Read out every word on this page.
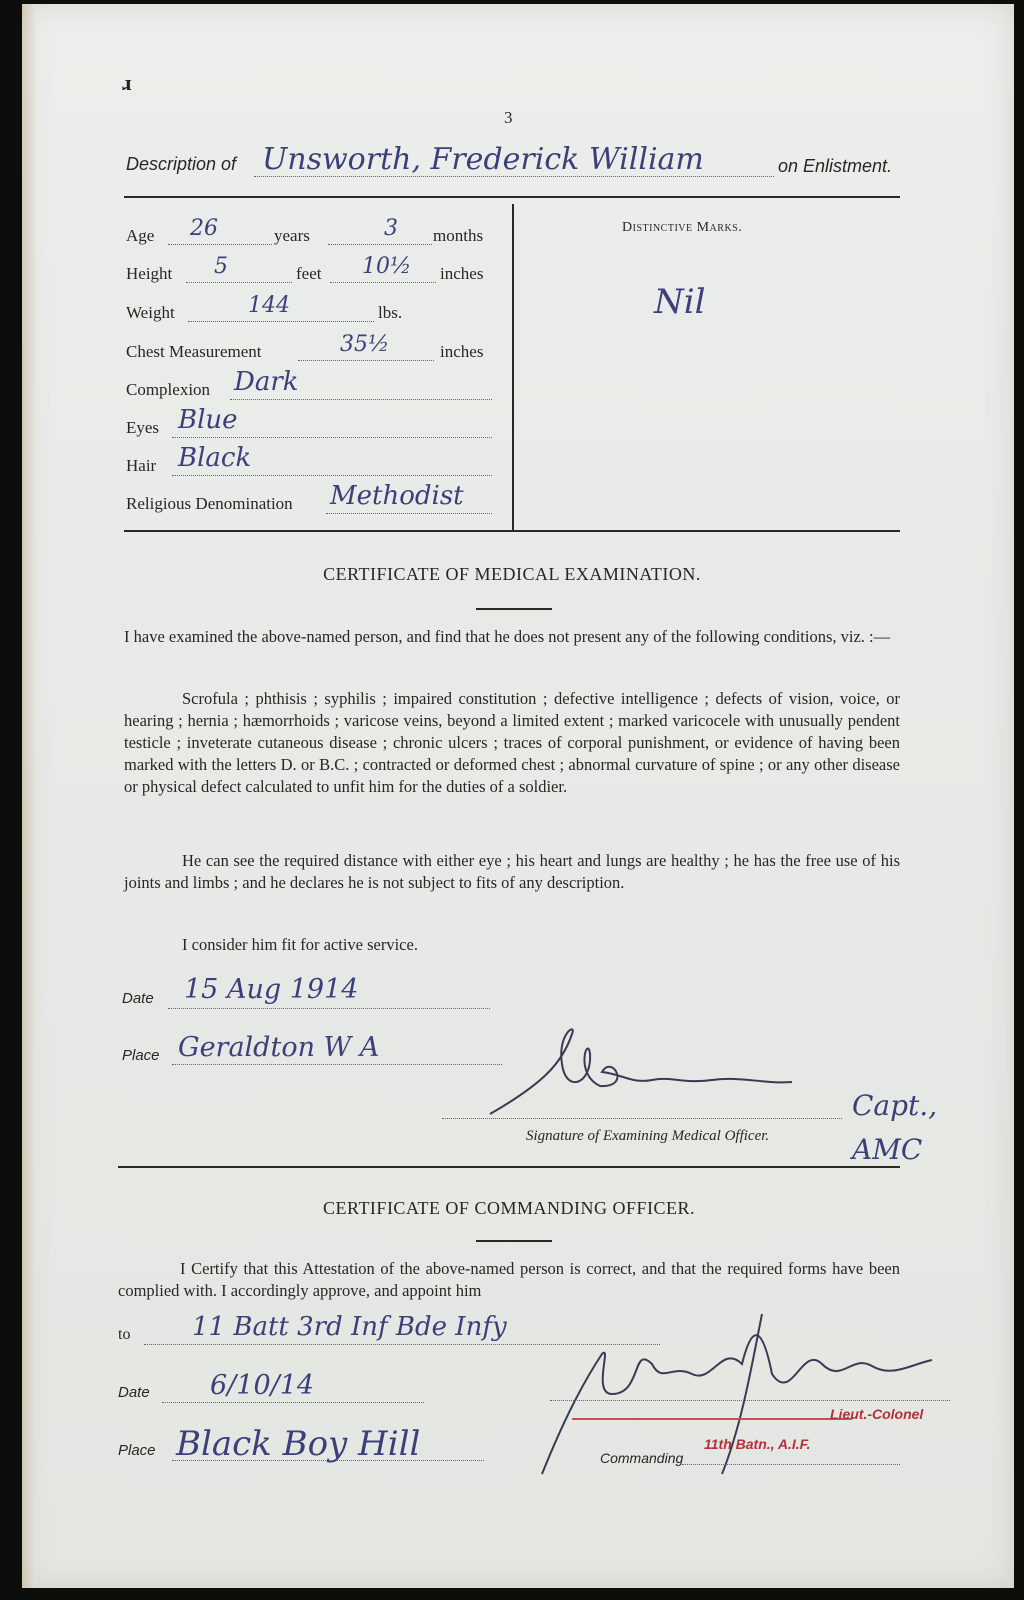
ɹ
3
Description of Unsworth, Frederick William	on Enlistment.
Age 26	years	3 months
Height 5	feet 10½ inches
Weight	144	lbs.
Chest Measurement	35½	inches
Complexion Dark
Eyes Blue
Hair Black
Religious Denomination Methodist
Distinctive Marks.
Nil
CERTIFICATE OF MEDICAL EXAMINATION.
I have examined the above-named person, and find that he does not present any of the following conditions, viz. :—
Scrofula ; phthisis ; syphilis ; impaired constitution ; defective intelligence ; defects of vision, voice, or hearing ; hernia ; hæmorrhoids ; varicose veins, beyond a limited extent ; marked varicocele with unusually pendent testicle ; inveterate cutaneous disease ; chronic ulcers ; traces of corporal punishment, or evidence of having been marked with the letters D. or B.C. ; contracted or deformed chest ; abnormal curvature of spine ; or any other disease or physical defect calculated to unfit him for the duties of a soldier.
He can see the required distance with either eye ; his heart and lungs are healthy ; he has the free use of his joints and limbs ; and he declares he is not subject to fits of any description.
I consider him fit for active service.
Date 15 Aug 1914
Place Geraldton W A
Signature of Examining Medical Officer.
Capt., AMC
CERTIFICATE OF COMMANDING OFFICER.
I Certify that this Attestation of the above-named person is correct, and that the required forms have been complied with. I accordingly approve, and appoint him
to 11 Batt 3rd Inf Bde Infy
Date 6/10/14
Place Black Boy Hill
Lieut.-Colonel
Commanding
11th Batn., A.I.F.
